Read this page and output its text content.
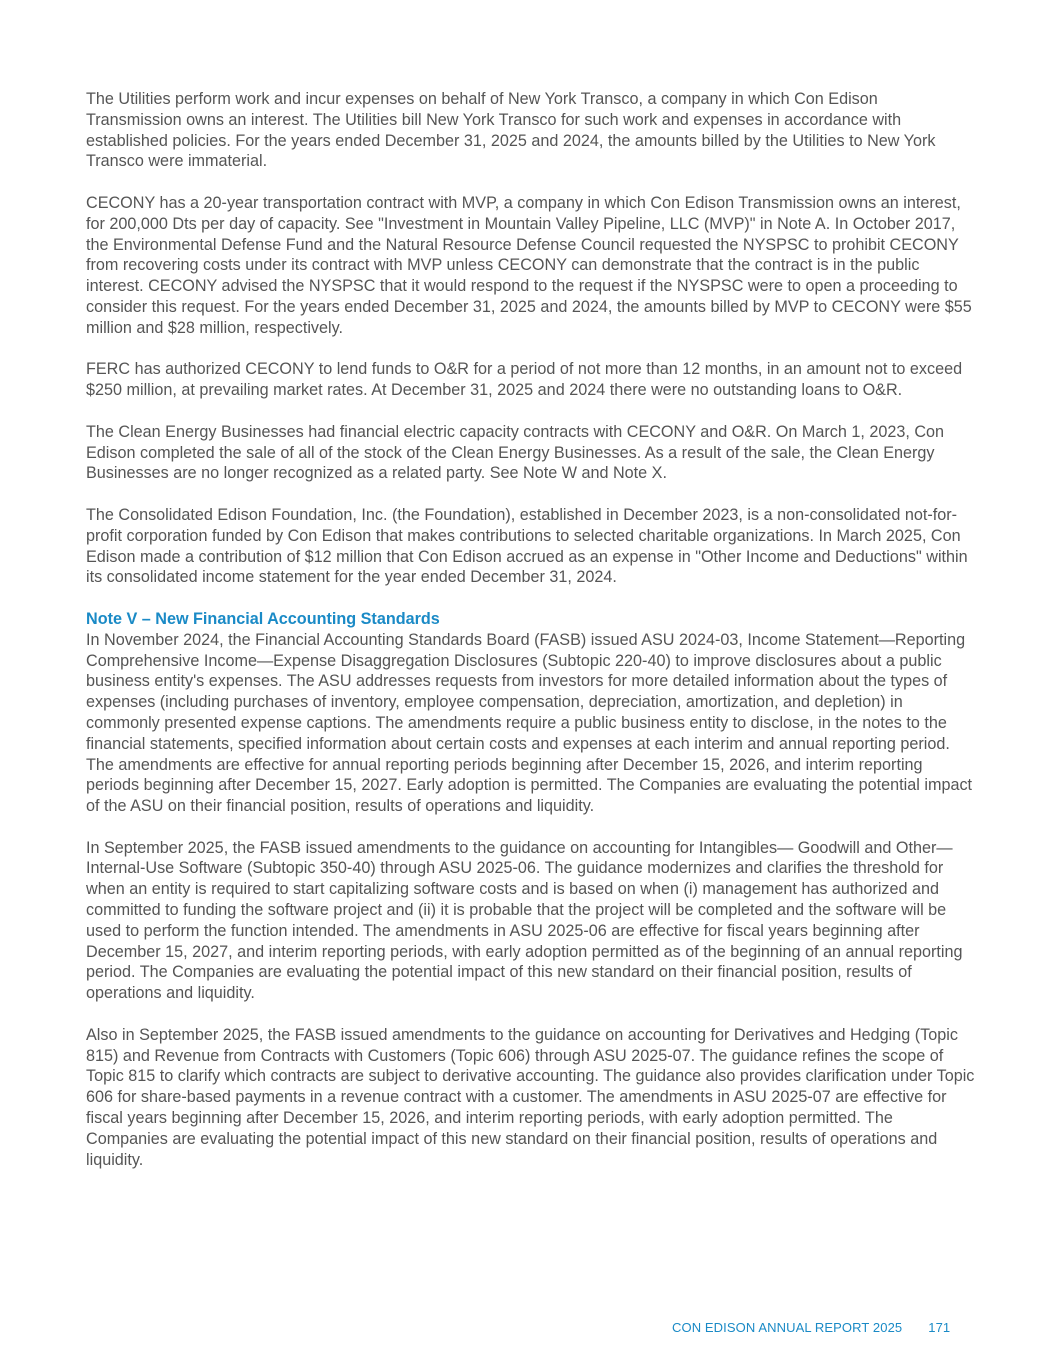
The Utilities perform work and incur expenses on behalf of New York Transco, a company in which Con Edison Transmission owns an interest. The Utilities bill New York Transco for such work and expenses in accordance with established policies. For the years ended December 31, 2025 and 2024, the amounts billed by the Utilities to New York Transco were immaterial.

CECONY has a 20-year transportation contract with MVP, a company in which Con Edison Transmission owns an interest, for 200,000 Dts per day of capacity. See "Investment in Mountain Valley Pipeline, LLC (MVP)" in Note A. In October 2017, the Environmental Defense Fund and the Natural Resource Defense Council requested the NYSPSC to prohibit CECONY from recovering costs under its contract with MVP unless CECONY can demonstrate that the contract is in the public interest. CECONY advised the NYSPSC that it would respond to the request if the NYSPSC were to open a proceeding to consider this request. For the years ended December 31, 2025 and 2024, the amounts billed by MVP to CECONY were $55 million and $28 million, respectively.

FERC has authorized CECONY to lend funds to O&R for a period of not more than 12 months, in an amount not to exceed $250 million, at prevailing market rates. At December 31, 2025 and 2024 there were no outstanding loans to O&R.

The Clean Energy Businesses had financial electric capacity contracts with CECONY and O&R. On March 1, 2023, Con Edison completed the sale of all of the stock of the Clean Energy Businesses. As a result of the sale, the Clean Energy Businesses are no longer recognized as a related party. See Note W and Note X.

The Consolidated Edison Foundation, Inc. (the Foundation), established in December 2023, is a non-consolidated not-for-profit corporation funded by Con Edison that makes contributions to selected charitable organizations. In March 2025, Con Edison made a contribution of $12 million that Con Edison accrued as an expense in "Other Income and Deductions" within its consolidated income statement for the year ended December 31, 2024.

Note V – New Financial Accounting Standards

In November 2024, the Financial Accounting Standards Board (FASB) issued ASU 2024-03, Income Statement—Reporting Comprehensive Income—Expense Disaggregation Disclosures (Subtopic 220-40) to improve disclosures about a public business entity's expenses. The ASU addresses requests from investors for more detailed information about the types of expenses (including purchases of inventory, employee compensation, depreciation, amortization, and depletion) in commonly presented expense captions. The amendments require a public business entity to disclose, in the notes to the financial statements, specified information about certain costs and expenses at each interim and annual reporting period. The amendments are effective for annual reporting periods beginning after December 15, 2026, and interim reporting periods beginning after December 15, 2027. Early adoption is permitted. The Companies are evaluating the potential impact of the ASU on their financial position, results of operations and liquidity.

In September 2025, the FASB issued amendments to the guidance on accounting for Intangibles— Goodwill and Other—Internal-Use Software (Subtopic 350-40) through ASU 2025-06. The guidance modernizes and clarifies the threshold for when an entity is required to start capitalizing software costs and is based on when (i) management has authorized and committed to funding the software project and (ii) it is probable that the project will be completed and the software will be used to perform the function intended. The amendments in ASU 2025-06 are effective for fiscal years beginning after December 15, 2027, and interim reporting periods, with early adoption permitted as of the beginning of an annual reporting period. The Companies are evaluating the potential impact of this new standard on their financial position, results of operations and liquidity.

Also in September 2025, the FASB issued amendments to the guidance on accounting for Derivatives and Hedging (Topic 815) and Revenue from Contracts with Customers (Topic 606) through ASU 2025-07. The guidance refines the scope of Topic 815 to clarify which contracts are subject to derivative accounting. The guidance also provides clarification under Topic 606 for share-based payments in a revenue contract with a customer. The amendments in ASU 2025-07 are effective for fiscal years beginning after December 15, 2026, and interim reporting periods, with early adoption permitted. The Companies are evaluating the potential impact of this new standard on their financial position, results of operations and liquidity.

CON EDISON ANNUAL REPORT 2025 171
